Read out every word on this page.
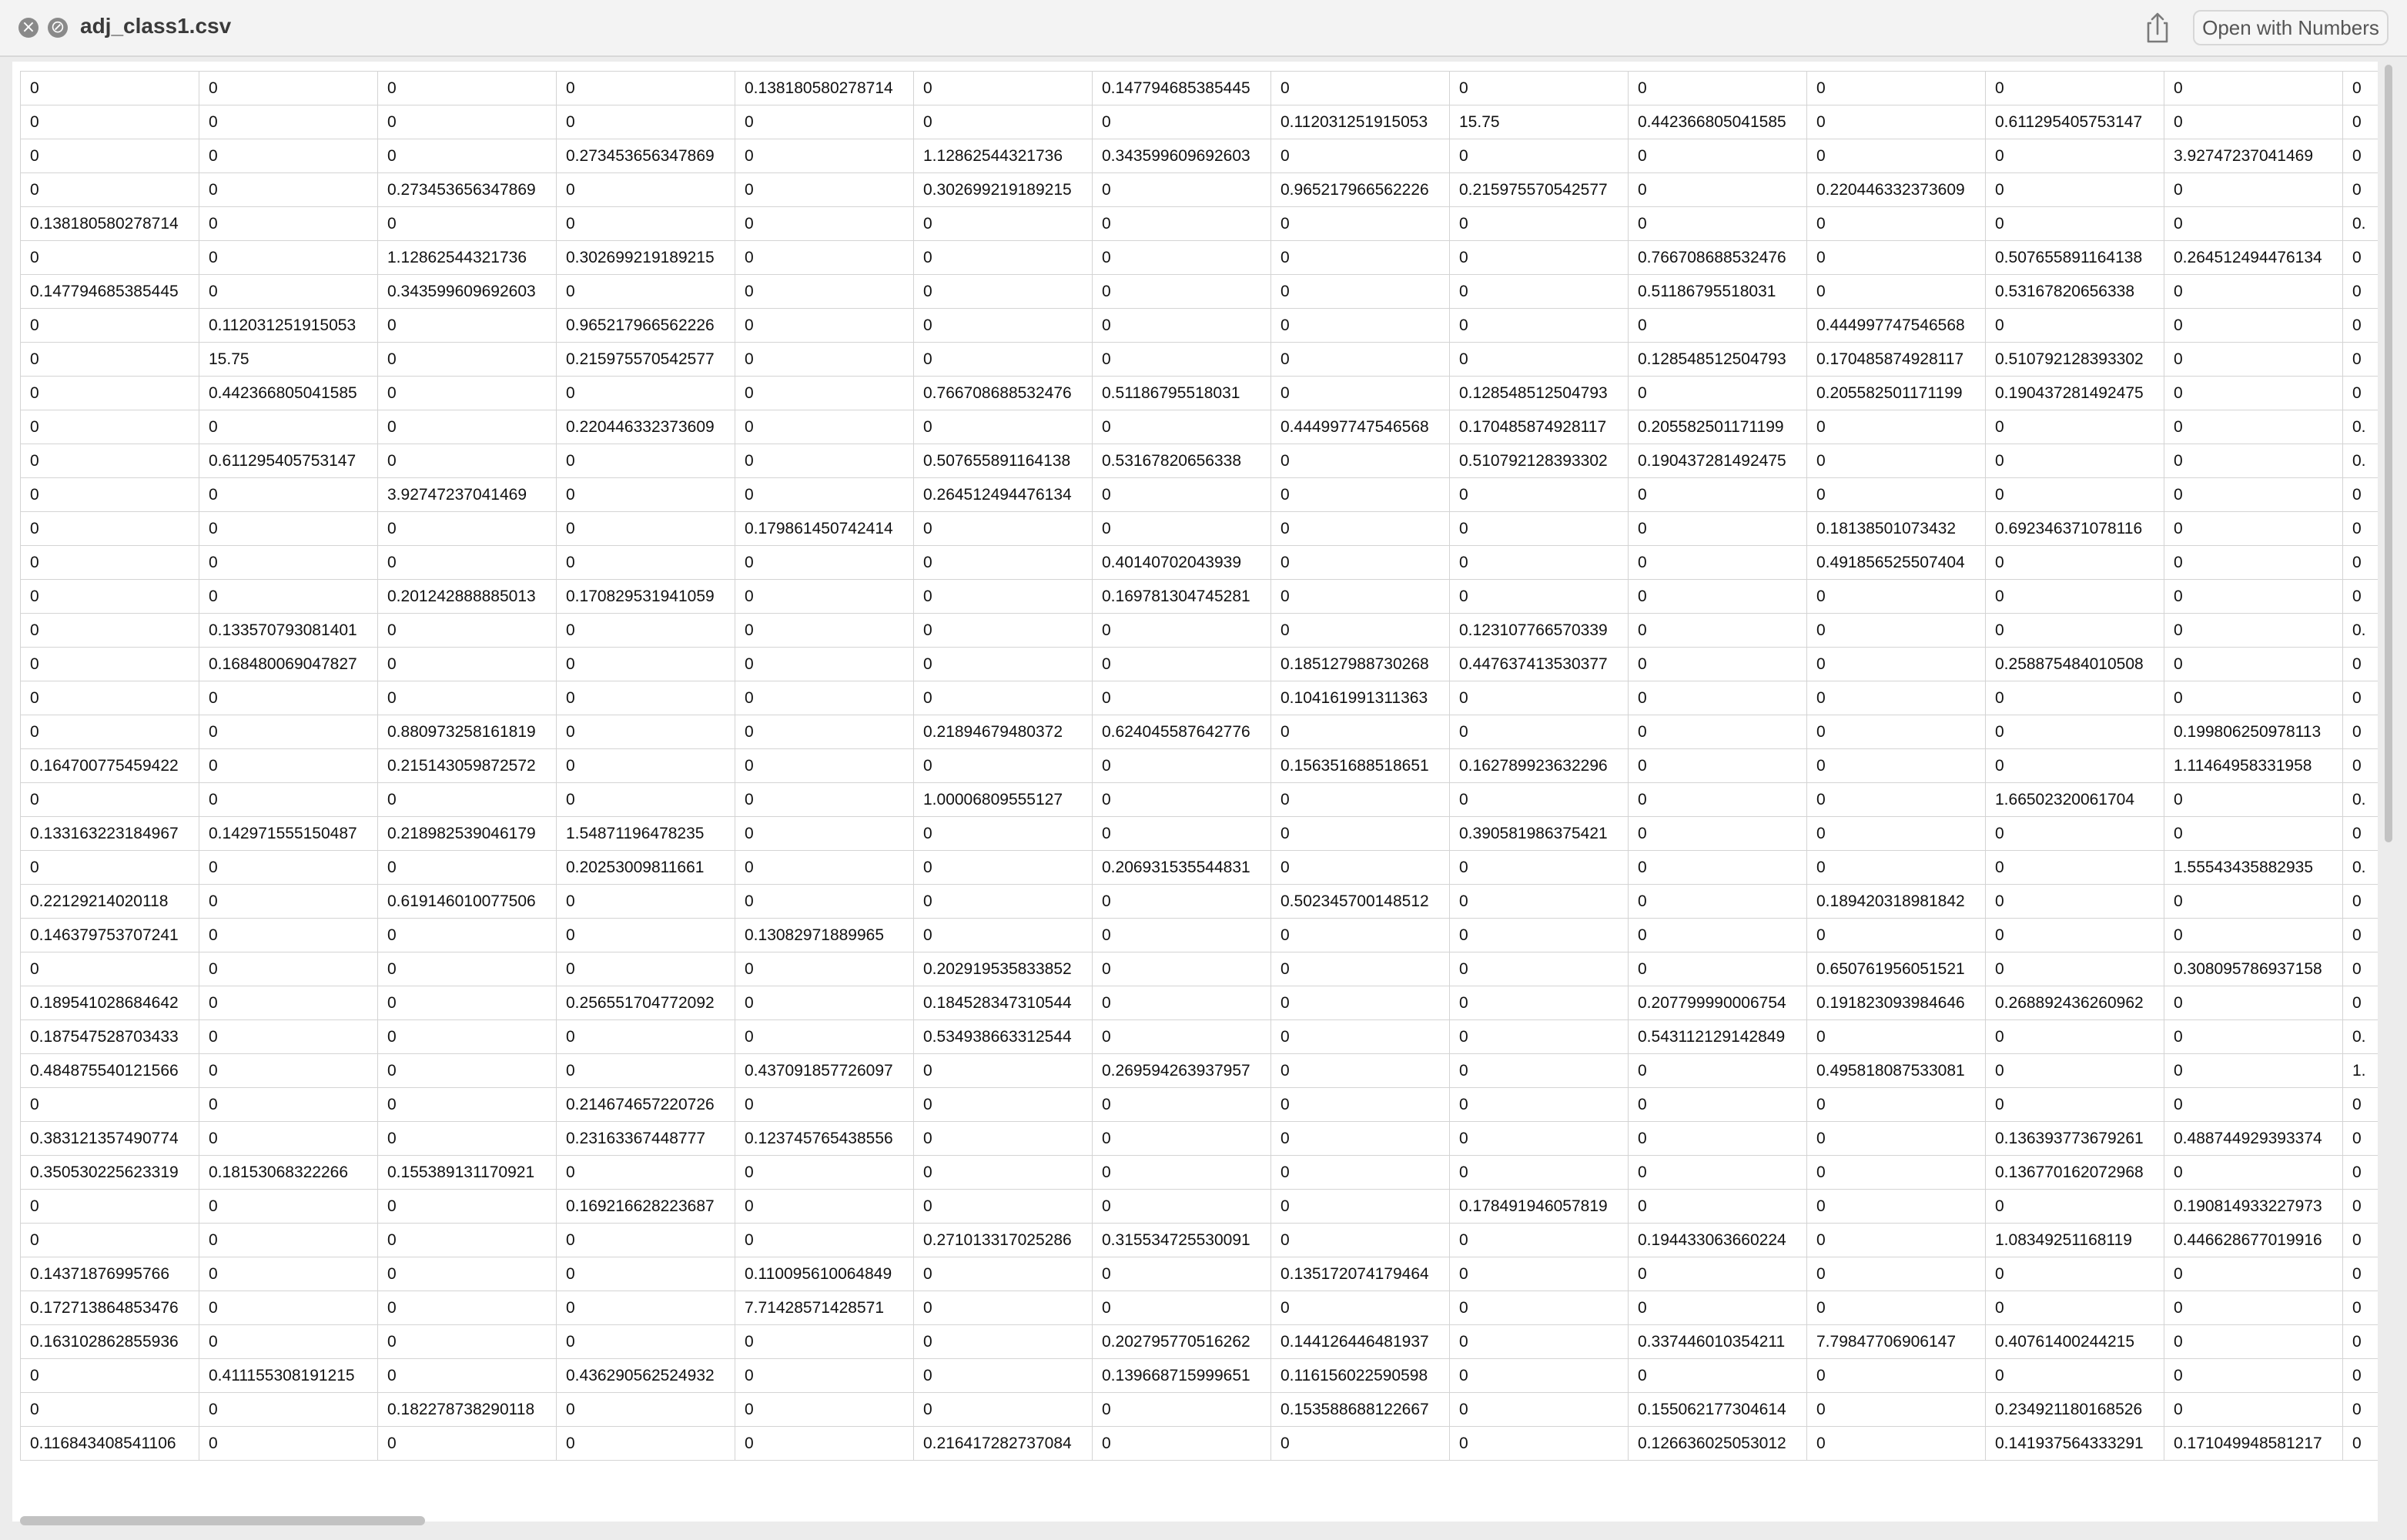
× ⊘ adj_class1.csv	Open with Numbers
0	0	0	0	0.138180580278714	0	0.147794685385445	0	0	0	0	0	0	0
0	0	0	0	0	0	0	0.112031251915053	15.75	0.442366805041585	0	0.611295405753147	0	0
0	0	0	0.273453656347869	0	1.12862544321736	0.343599609692603	0	0	0	0	0	3.92747237041469	0
0	0	0.273453656347869	0	0	0.302699219189215	0	0.965217966562226	0.215975570542577	0	0.220446332373609	0	0	0
0.138180580278714	0	0	0	0	0	0	0	0	0	0	0	0	0.
0	0	1.12862544321736	0.302699219189215	0	0	0	0	0	0.766708688532476	0	0.507655891164138	0.264512494476134	0
0.147794685385445	0	0.343599609692603	0	0	0	0	0	0	0.51186795518031	0	0.53167820656338	0	0
0	0.112031251915053	0	0.965217966562226	0	0	0	0	0	0	0.444997747546568	0	0	0
0	15.75	0	0.215975570542577	0	0	0	0	0	0.128548512504793	0.170485874928117	0.510792128393302	0	0
0	0.442366805041585	0	0	0	0.766708688532476	0.51186795518031	0	0.128548512504793	0	0.205582501171199	0.190437281492475	0	0
0	0	0	0.220446332373609	0	0	0	0.444997747546568	0.170485874928117	0.205582501171199	0	0	0	0.
0	0.611295405753147	0	0	0	0.507655891164138	0.53167820656338	0	0.510792128393302	0.190437281492475	0	0	0	0.
0	0	3.92747237041469	0	0	0.264512494476134	0	0	0	0	0	0	0	0
0	0	0	0	0.179861450742414	0	0	0	0	0	0.18138501073432	0.692346371078116	0	0
0	0	0	0	0	0	0.40140702043939	0	0	0	0.491856525507404	0	0	0
0	0	0.201242888885013	0.170829531941059	0	0	0.169781304745281	0	0	0	0	0	0	0
0	0.133570793081401	0	0	0	0	0	0	0.123107766570339	0	0	0	0	0.
0	0.168480069047827	0	0	0	0	0	0.185127988730268	0.447637413530377	0	0	0.258875484010508	0	0
0	0	0	0	0	0	0	0.104161991311363	0	0	0	0	0	0
0	0	0.880973258161819	0	0	0.21894679480372	0.624045587642776	0	0	0	0	0	0.199806250978113	0
0.164700775459422	0	0.215143059872572	0	0	0	0	0.156351688518651	0.162789923632296	0	0	0	1.11464958331958	0
0	0	0	0	0	1.00006809555127	0	0	0	0	0	1.66502320061704	0	0.
0.133163223184967	0.142971555150487	0.218982539046179	1.54871196478235	0	0	0	0	0.390581986375421	0	0	0	0	0
0	0	0	0.20253009811661	0	0	0.206931535544831	0	0	0	0	0	1.55543435882935	0.
0.22129214020118	0	0.619146010077506	0	0	0	0	0.502345700148512	0	0	0.189420318981842	0	0	0
0.146379753707241	0	0	0	0.13082971889965	0	0	0	0	0	0	0	0	0
0	0	0	0	0	0.202919535833852	0	0	0	0	0.650761956051521	0	0.308095786937158	0
0.189541028684642	0	0	0.256551704772092	0	0.184528347310544	0	0	0	0.207799990006754	0.191823093984646	0.268892436260962	0	0
0.187547528703433	0	0	0	0	0.534938663312544	0	0	0	0.543112129142849	0	0	0	0.
0.484875540121566	0	0	0	0.437091857726097	0	0.269594263937957	0	0	0	0.495818087533081	0	0	1.
0	0	0	0.214674657220726	0	0	0	0	0	0	0	0	0	0
0.383121357490774	0	0	0.23163367448777	0.123745765438556	0	0	0	0	0	0	0.136393773679261	0.488744929393374	0
0.350530225623319	0.18153068322266	0.155389131170921	0	0	0	0	0	0	0	0	0.136770162072968	0	0
0	0	0	0.169216628223687	0	0	0	0	0.178491946057819	0	0	0	0.190814933227973	0
0	0	0	0	0	0.271013317025286	0.315534725530091	0	0	0.194433063660224	0	1.08349251168119	0.446628677019916	0
0.14371876995766	0	0	0	0.110095610064849	0	0	0.135172074179464	0	0	0	0	0	0
0.172713864853476	0	0	0	7.71428571428571	0	0	0	0	0	0	0	0	0
0.163102862855936	0	0	0	0	0	0.202795770516262	0.144126446481937	0	0.337446010354211	7.79847706906147	0.40761400244215	0	0
0	0.411155308191215	0	0.436290562524932	0	0	0.139668715999651	0.116156022590598	0	0	0	0	0	0
0	0	0.182278738290118	0	0	0	0	0.153588688122667	0	0.155062177304614	0	0.234921180168526	0	0
0.116843408541106	0	0	0	0	0.216417282737084	0	0	0	0.126636025053012	0	0.141937564333291	0.171049948581217	0
